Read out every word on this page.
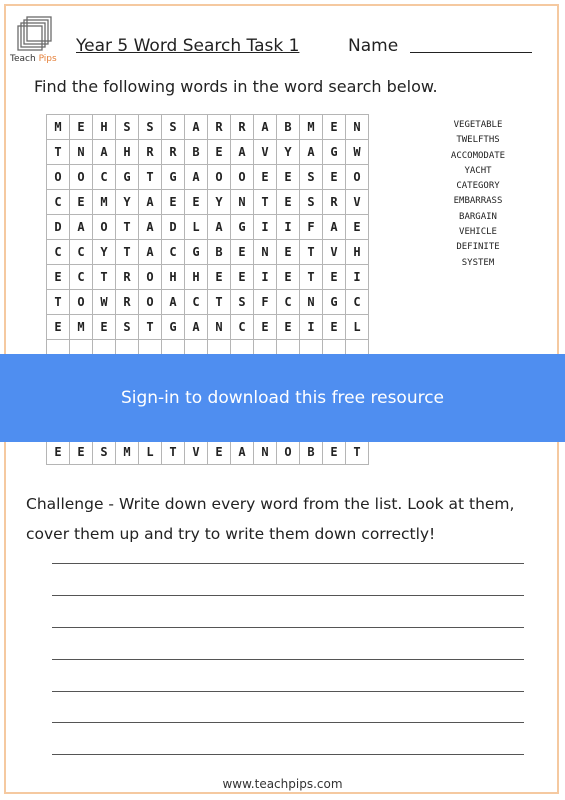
Teach Pips
Year 5 Word Search Task 1	Name
Find the following words in the word search below.
M	E	H	S	S	S	A	R	R	A	B	M	E	N
T	N	A	H	R	R	B	E	A	V	Y	A	G	W
O	O	C	G	T	G	A	O	O	E	E	S	E	O
C	E	M	Y	A	E	E	Y	N	T	E	S	R	V
D	A	O	T	A	D	L	A	G	I	I	F	A	E
C	C	Y	T	A	C	G	B	E	N	E	T	V	H
E	C	T	R	O	H	H	E	E	I	E	T	E	I
T	O	W	R	O	A	C	T	S	F	C	N	G	C
E	M	E	S	T	G	A	N	C	E	E	I	E	L

E	E	S	M	L	T	V	E	A	N	O	B	E	T
VEGETABLE
TWELFTHS
ACCOMODATE
YACHT
CATEGORY
EMBARRASS
BARGAIN
VEHICLE
DEFINITE
SYSTEM
Sign-in to download this free resource
Challenge - Write down every word from the list. Look at them, cover them up and try to write them down correctly!
www.teachpips.com
